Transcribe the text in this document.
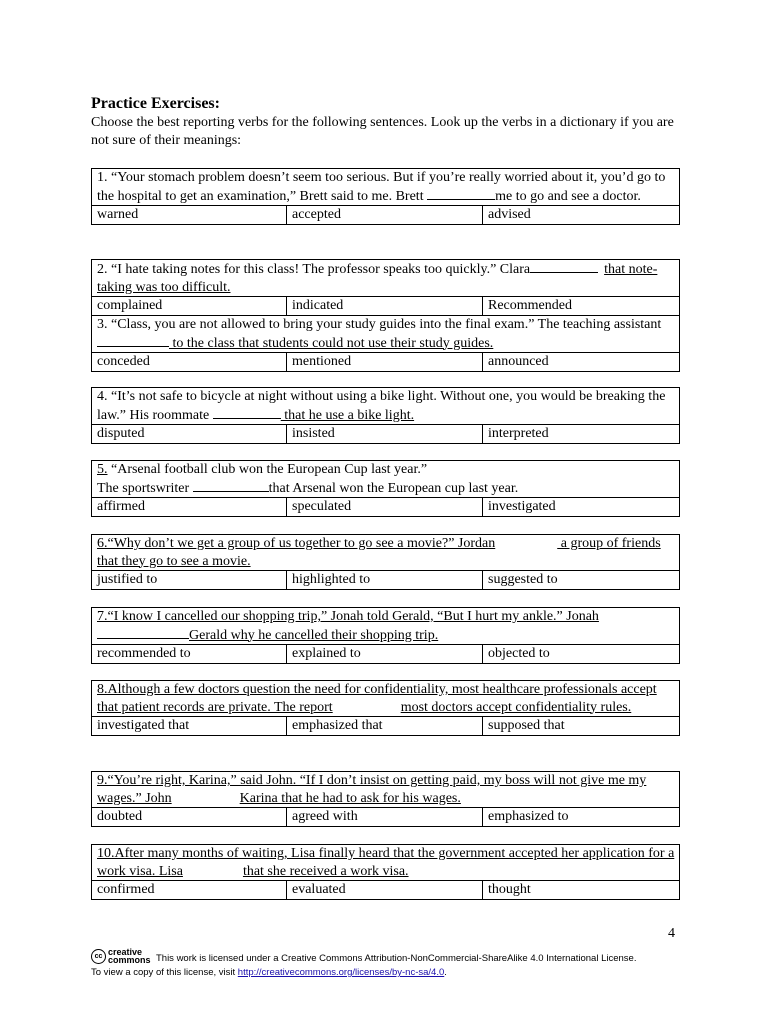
Practice Exercises:
Choose the best reporting verbs for the following sentences. Look up the verbs in a dictionary if you are not sure of their meanings:
1. “Your stomach problem doesn’t seem too serious. But if you’re really worried about it, you’d go to the hospital to get an examination,” Brett said to me. Brett	me to go and see a doctor.
warned	accepted	advised
2. “I hate taking notes for this class! The professor speaks too quickly.” Clara that note-taking was too difficult.		
complained	indicated	Recommended
3. “Class, you are not allowed to bring your study guides into the final exam.” The teaching assistant  to the class that students could not use their study guides.		
conceded	mentioned	announced
4. “It’s not safe to bicycle at night without using a bike light. Without one, you would be breaking the law.” His roommate	that he use a bike light.
disputed	insisted	interpreted
5. “Arsenal football club won the European Cup last year.”
The sportswriter	that Arsenal won the European cup last year.
affirmed	speculated	investigated
6.“Why don’t we get a group of us together to go see a movie?” Jordan	a group of friends that they go to see a movie.
justified to	highlighted to	suggested to
7.“I know I cancelled our shopping trip,” Jonah told Gerald, “But I hurt my ankle.” JonahGerald why he cancelled their shopping trip.
recommended to	explained to	objected to
8.Although a few doctors question the need for confidentiality, most healthcare professionals accept that patient records are private. The report	most doctors accept confidentiality rules.
investigated that	emphasized that	supposed that
9.“You’re right, Karina,” said John. “If I don’t insist on getting paid, my boss will not give me my wages.” John	Karina that he had to ask for his wages.
doubted	agreed with	emphasized to
10.After many months of waiting, Lisa finally heard that the government accepted her application for a work visa. Lisa	that she received a work visa.
confirmed	evaluated	thought
4
cc creative
commons This work is licensed under a Creative Commons Attribution-NonCommercial-ShareAlike 4.0 International License.
To view a copy of this license, visit http://creativecommons.org/licenses/by-nc-sa/4.0.
